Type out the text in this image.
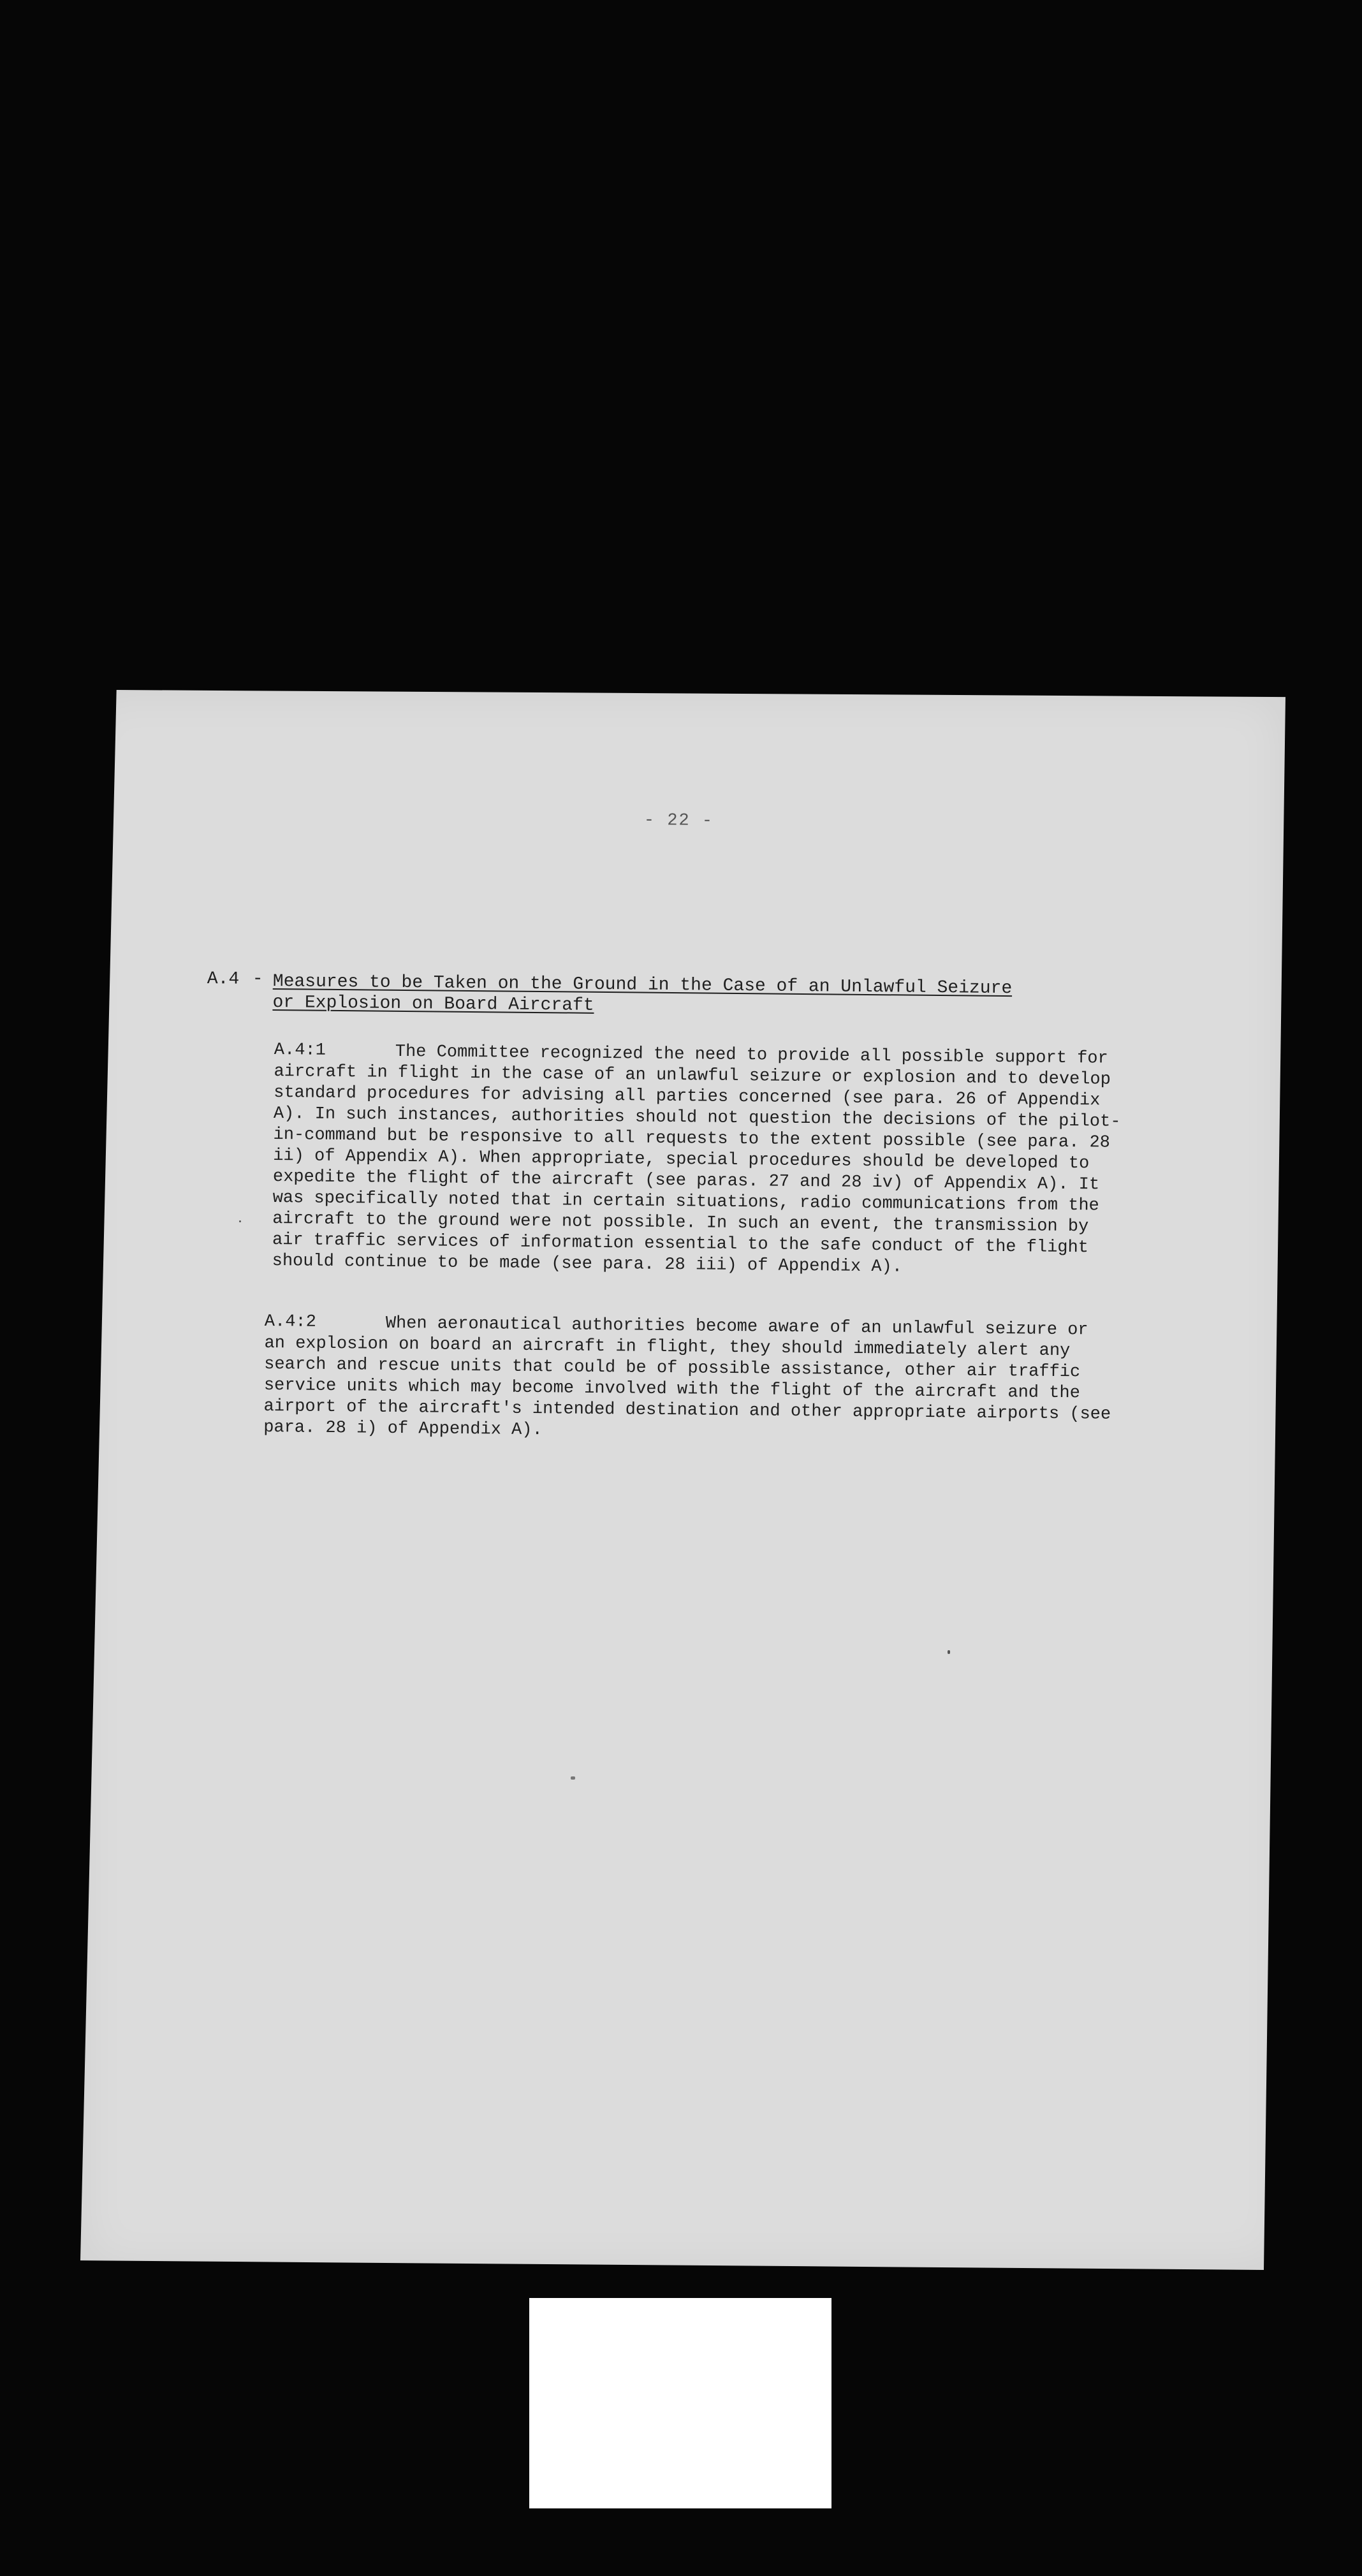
- 22 -
A.4 - Measures to be Taken on the Ground in the Case of an Unlawful Seizure or Explosion on Board Aircraft
A.4:1	The Committee recognized the need to provide all possible support for aircraft in flight in the case of an unlawful seizure or explosion and to develop standard procedures for advising all parties concerned (see para. 26 of Appendix A). In such instances, authorities should not question the decisions of the pilot-in-command but be responsive to all requests to the extent possible (see para. 28 ii) of Appendix A). When appropriate, special procedures should be developed to expedite the flight of the aircraft (see paras. 27 and 28 iv) of Appendix A). It was specifically noted that in certain situations, radio communications from the aircraft to the ground were not possible. In such an event, the transmission by air traffic services of information essential to the safe conduct of the flight should continue to be made (see para. 28 iii) of Appendix A).
A.4:2	When aeronautical authorities become aware of an unlawful seizure or an explosion on board an aircraft in flight, they should immediately alert any search and rescue units that could be of possible assistance, other air traffic service units which may become involved with the flight of the aircraft and the airport of the aircraft's intended destination and other appropriate airports (see para. 28 i) of Appendix A).
